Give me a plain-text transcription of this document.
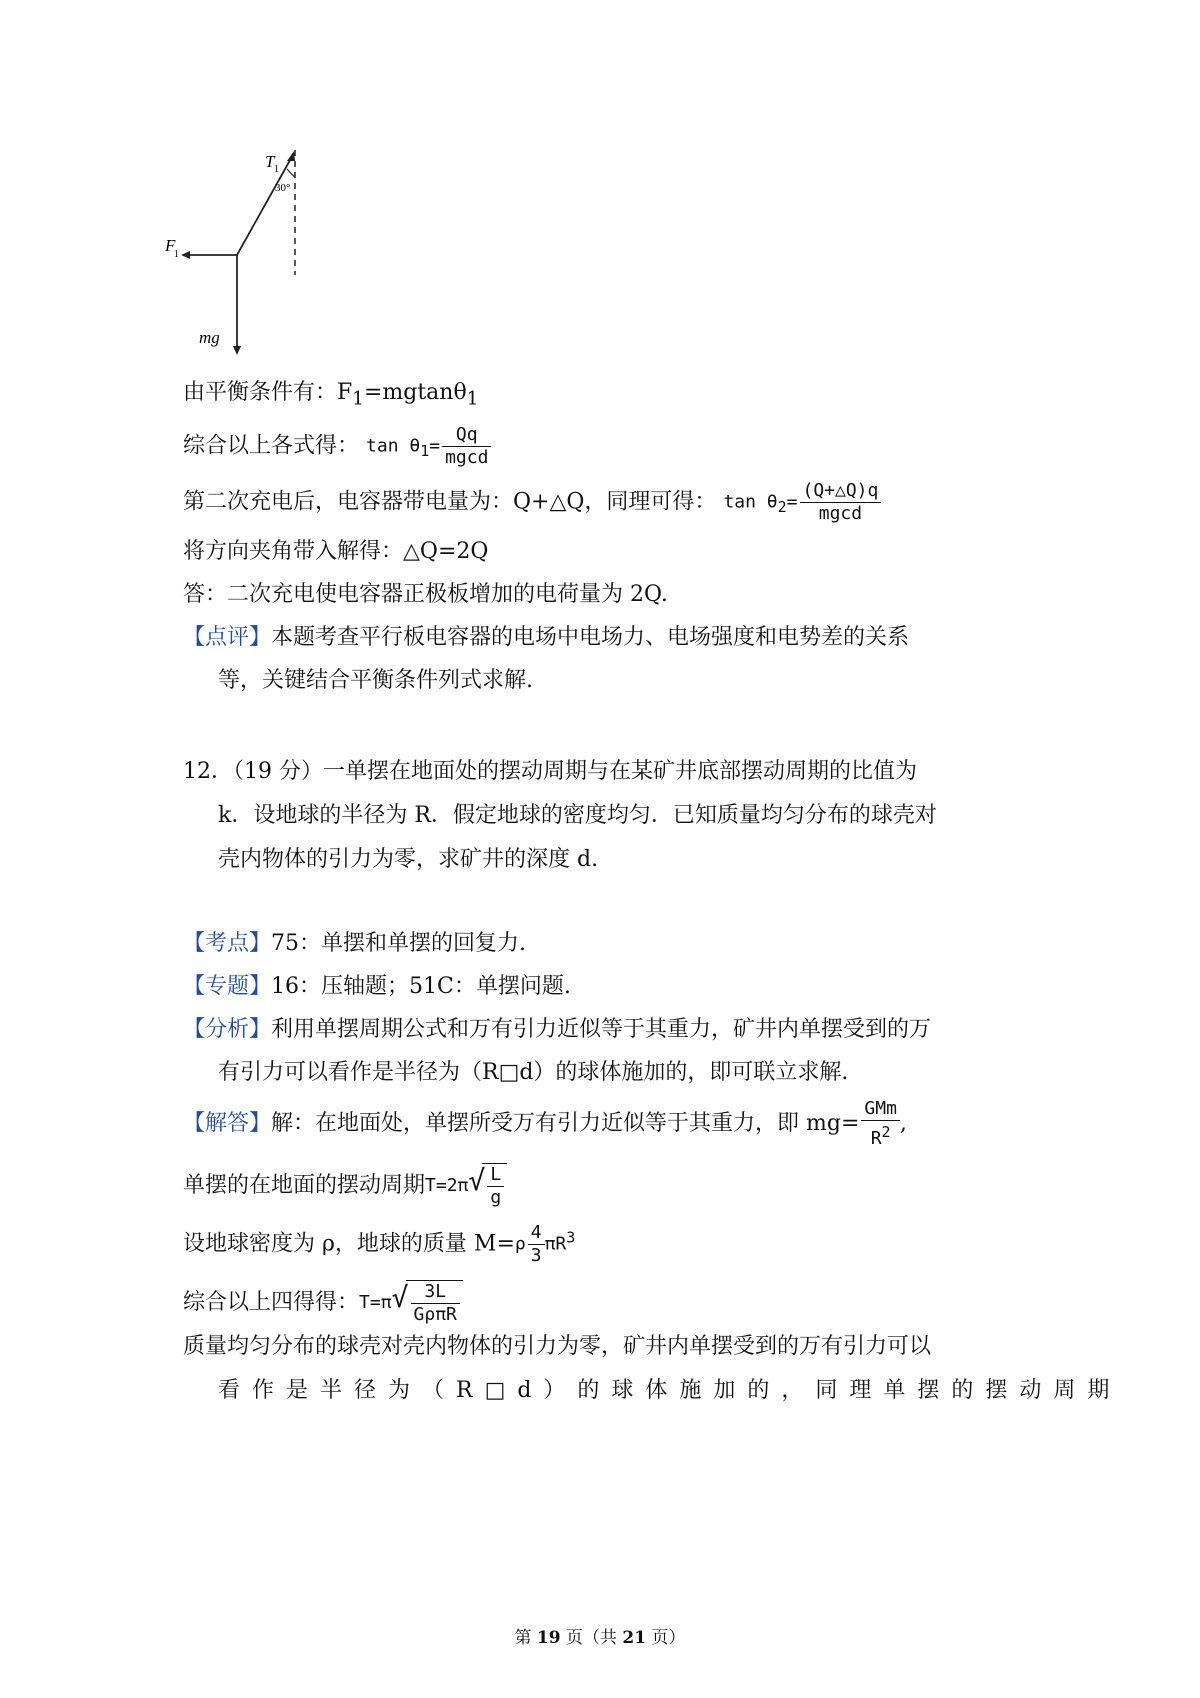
T 1
30°
F
1
mg
由平衡条件有：$F_1=mgtan\theta_1$
综合以上各式得： $\tan \theta_1= \frac{Qq}{mgcd}$
第二次充电后，电容器带电量为：Q+△Q，同理可得： $\tan \theta_2= \frac{(Q+\triangle Q)q}{mgcd}$
将方向夹角带入解得：△Q=2Q
答：二次充电使电容器正极板增加的电荷量为 2Q.
【点评】本题考查平行板电容器的电场中电场力、电场强度和电势差的关系
等，关键结合平衡条件列式求解.
12．（19 分）一单摆在地面处的摆动周期与在某矿井底部摆动周期的比值为
k．设地球的半径为 R．假定地球的密度均匀．已知质量均匀分布的球壳对
壳内物体的引力为零，求矿井的深度 d.
【考点】75：单摆和单摆的回复力.
【专题】16：压轴题；51C：单摆问题.
【分析】利用单摆周期公式和万有引力近似等于其重力，矿井内单摆受到的万
有引力可以看作是半径为（R□d）的球体施加的，即可联立求解.
【解答】解：在地面处，单摆所受万有引力近似等于其重力，即 $mg= \frac{\text{GMm}}{R^2}$ ,
单摆的在地面的摆动周期T=2π √ $\frac{L}{g}$
设地球密度为 ρ，地球的质量 $M=\rho \frac{4}{3} \pi R^3$
综合以上四得得：T=π √ $\frac{3L}{\text{GρπR}}$
质量均匀分布的球壳对壳内物体的引力为零，矿井内单摆受到的万有引力可以
看作是半径为（R□d）的球体施加的，同理单摆的摆动周期
第 19 页（共 21 页）
